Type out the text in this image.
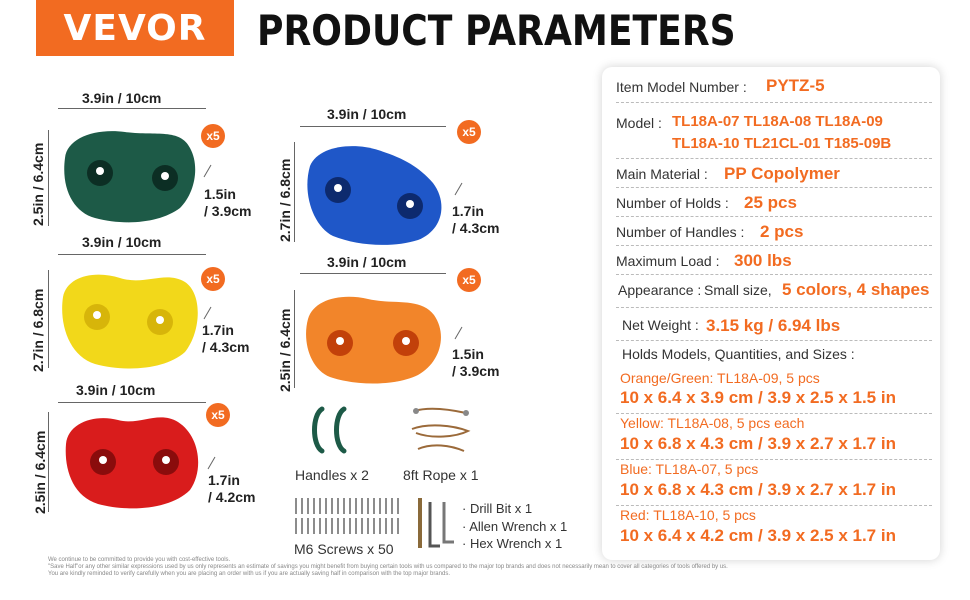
VEVOR PRODUCT PARAMETERS
3.9in / 10cm
2.5in / 6.4cm
x5
1.5in
/ 3.9cm
3.9in / 10cm
2.7in / 6.8cm
x5
1.7in
/ 4.3cm
3.9in / 10cm
2.7in / 6.8cm
x5
1.7in
/ 4.3cm
3.9in / 10cm
2.5in / 6.4cm
x5
1.5in
/ 3.9cm
3.9in / 10cm
2.5in / 6.4cm
x5
1.7in
/ 4.2cm
Handles x 2 8ft Rope x 1
M6 Screws x 50
· Drill Bit x 1
· Allen Wrench x 1
· Hex Wrench x 1
Item Model Number : PYTZ-5
Model : TL18A-07 TL18A-08 TL18A-09
TL18A-10 TL21CL-01 T185-09B
Main Material : PP Copolymer
Number of Holds : 25 pcs
Number of Handles : 2 pcs
Maximum Load : 300 lbs
Appearance : Small size, 5 colors, 4 shapes
Net Weight : 3.15 kg / 6.94 lbs
Holds Models, Quantities, and Sizes :
Orange/Green: TL18A-09, 5 pcs
10 x 6.4 x 3.9 cm / 3.9 x 2.5 x 1.5 in
Yellow: TL18A-08, 5 pcs each
10 x 6.8 x 4.3 cm / 3.9 x 2.7 x 1.7 in
Blue: TL18A-07, 5 pcs
10 x 6.8 x 4.3 cm / 3.9 x 2.7 x 1.7 in
Red: TL18A-10, 5 pcs
10 x 6.4 x 4.2 cm / 3.9 x 2.5 x 1.7 in
We continue to be committed to provide you with cost-effective tools.
"Save Half"or any other similar expressions used by us only represents an estimate of savings you might benefit from buying certain tools with us compared to the major top brands and does not necessarily mean to cover all categories of tools offered by us.
You are kindly reminded to verify carefully when you are placing an order with us if you are actually saving half in comparison with the top major brands.
